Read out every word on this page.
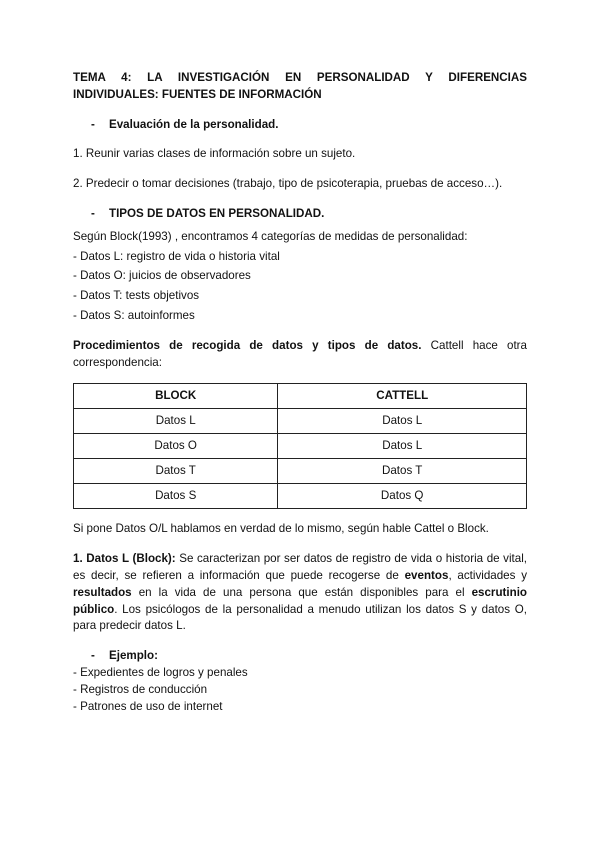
TEMA 4: LA INVESTIGACIÓN EN PERSONALIDAD Y DIFERENCIAS INDIVIDUALES: FUENTES DE INFORMACIÓN

-	Evaluación de la personalidad.

1. Reunir varias clases de información sobre un sujeto.

2. Predecir o tomar decisiones (trabajo, tipo de psicoterapia, pruebas de acceso…).

-	TIPOS DE DATOS EN PERSONALIDAD.

Según Block(1993) , encontramos 4 categorías de medidas de personalidad:

- Datos L: registro de vida o historia vital

- Datos O: juicios de observadores

- Datos T: tests objetivos

- Datos S: autoinformes

Procedimientos de recogida de datos y tipos de datos. Cattell hace otra correspondencia:

BLOCK	CATTELL
Datos L	Datos L
Datos O	Datos L
Datos T	Datos T
Datos S	Datos Q

Si pone Datos O/L hablamos en verdad de lo mismo, según hable Cattel o Block.

1. Datos L (Block): Se caracterizan por ser datos de registro de vida o historia de vital, es decir, se refieren a información que puede recogerse de eventos, actividades y resultados en la vida de una persona que están disponibles para el escrutinio público. Los psicólogos de la personalidad a menudo utilizan los datos S y datos O, para predecir datos L.

-	Ejemplo:

- Expedientes de logros y penales

- Registros de conducción

- Patrones de uso de internet
